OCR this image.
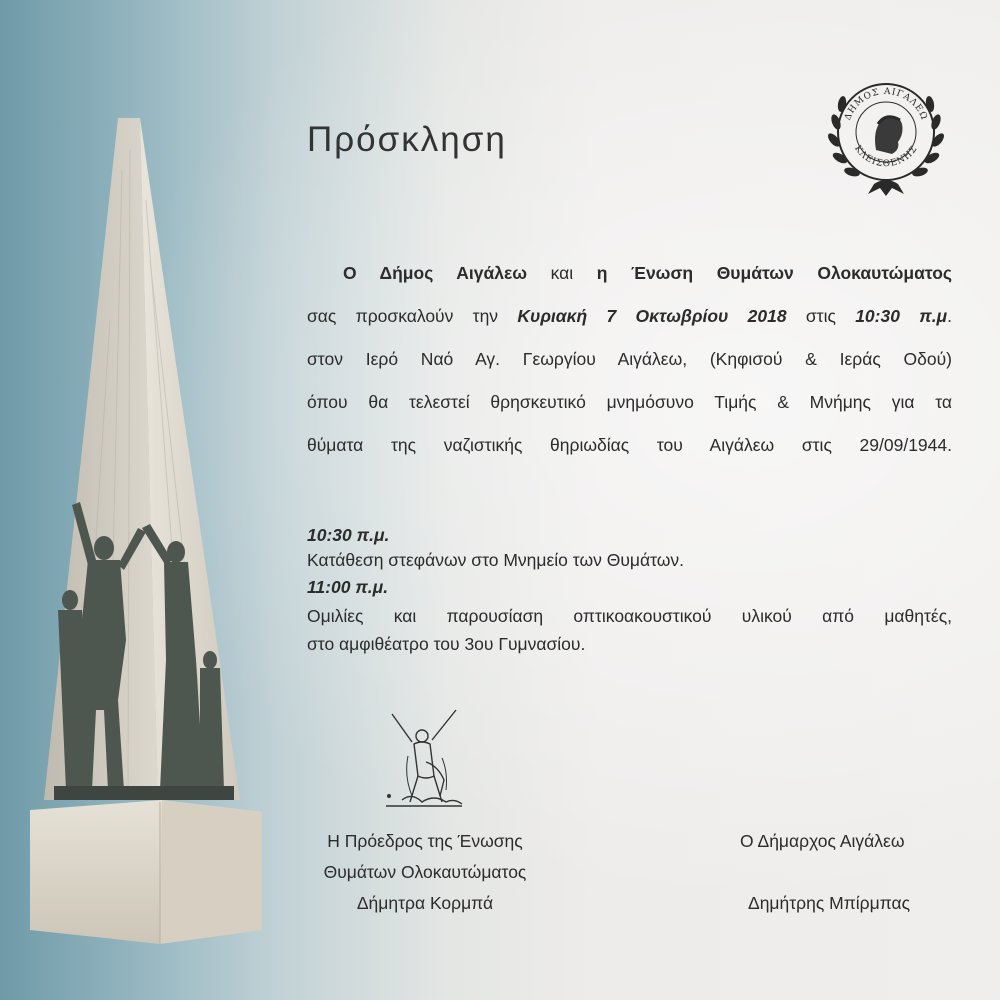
Πρόσκληση
ΔΗΜΟΣ ΑΙΓΑΛΕΩ
ΚΛΕΙΣΘΕΝΗΣ
Ο Δήμος Αιγάλεω και η Ένωση Θυμάτων Ολοκαυτώματος
σας προσκαλούν την Κυριακή 7 Οκτωβρίου 2018 στις 10:30 π.μ.
στον Ιερό Ναό Αγ. Γεωργίου Αιγάλεω, (Κηφισού & Ιεράς Οδού)
όπου θα τελεστεί θρησκευτικό μνημόσυνο Τιμής & Μνήμης για τα
θύματα της ναζιστικής θηριωδίας του Αιγάλεω στις 29/09/1944.
10:30 π.μ.
Κατάθεση στεφάνων στο Μνημείο των Θυμάτων.
11:00 π.μ.
Ομιλίες και παρουσίαση οπτικοακουστικού υλικού από μαθητές,
στο αμφιθέατρο του 3ου Γυμνασίου.
Η Πρόεδρος της Ένωσης
Θυμάτων Ολοκαυτώματος
Δήμητρα Κορμπά
Ο Δήμαρχος Αιγάλεω
Δημήτρης Μπίρμπας
